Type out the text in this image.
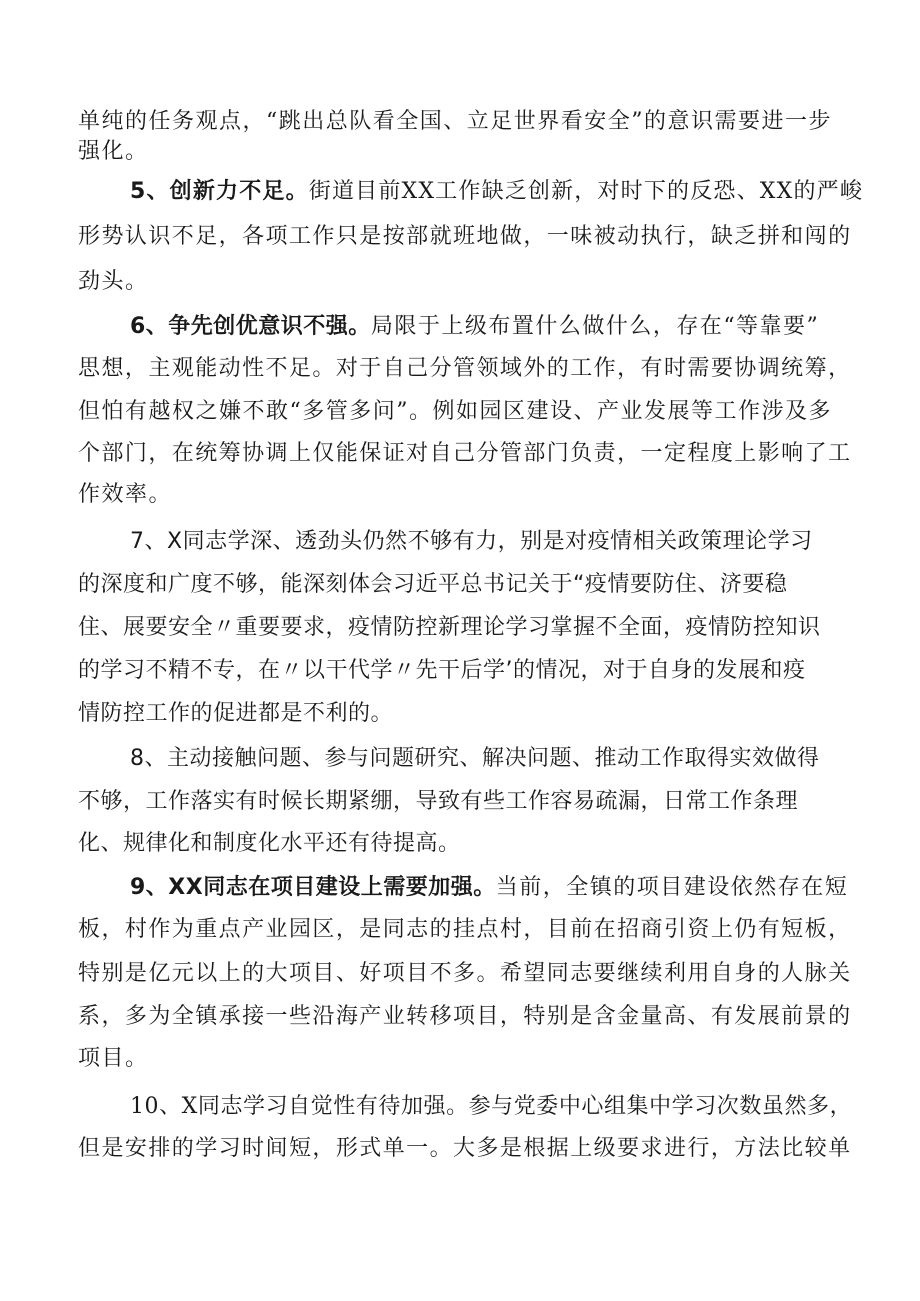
单纯的任务观点，“跳出总队看全国、立足世界看安全”的意识需要进一步
强化。
5、创新力不足。街道目前XX工作缺乏创新，对时下的反恐、XX的严峻
形势认识不足，各项工作只是按部就班地做，一味被动执行，缺乏拼和闯的
劲头。
6、争先创优意识不强。局限于上级布置什么做什么，存在“等靠要”
思想，主观能动性不足。对于自己分管领域外的工作，有时需要协调统筹，
但怕有越权之嫌不敢“多管多问”。例如园区建设、产业发展等工作涉及多
个部门，在统筹协调上仅能保证对自己分管部门负责，一定程度上影响了工
作效率。
7、X同志学深、透劲头仍然不够有力，别是对疫情相关政策理论学习
的深度和广度不够，能深刻体会习近平总书记关于“疫情要防住、济要稳
住、展要安全〃重要要求，疫情防控新理论学习掌握不全面，疫情防控知识
的学习不精不专，在〃以干代学〃先干后学’的情况，对于自身的发展和疫
情防控工作的促进都是不利的。
8、主动接触问题、参与问题研究、解决问题、推动工作取得实效做得
不够，工作落实有时候长期紧绷，导致有些工作容易疏漏，日常工作条理
化、规律化和制度化水平还有待提高。
9、XX同志在项目建设上需要加强。当前，全镇的项目建设依然存在短
板，村作为重点产业园区，是同志的挂点村，目前在招商引资上仍有短板，
特别是亿元以上的大项目、好项目不多。希望同志要继续利用自身的人脉关
系，多为全镇承接一些沿海产业转移项目，特别是含金量高、有发展前景的
项目。
10、X同志学习自觉性有待加强。参与党委中心组集中学习次数虽然多，
但是安排的学习时间短，形式单一。大多是根据上级要求进行，方法比较单
